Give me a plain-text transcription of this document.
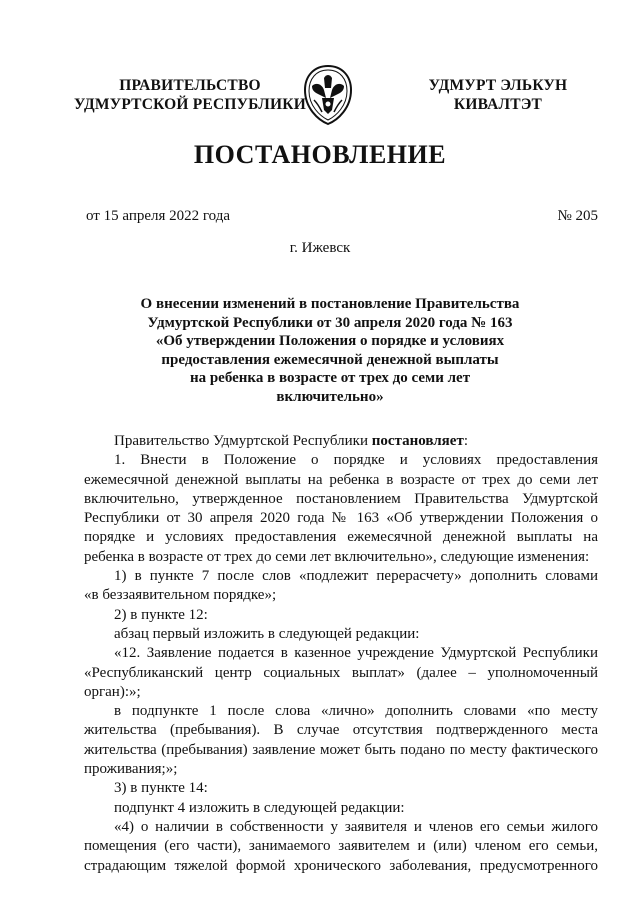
ПРАВИТЕЛЬСТВО
УДМУРТСКОЙ РЕСПУБЛИКИ
УДМУРТ ЭЛЬКУН
КИВАЛТЭТ
ПОСТАНОВЛЕНИЕ
от 15 апреля 2022 года	№ 205
г. Ижевск
О внесении изменений в постановление Правительства
Удмуртской Республики от 30 апреля 2020 года № 163
«Об утверждении Положения о порядке и условиях
предоставления ежемесячной денежной выплаты
на ребенка в возрасте от трех до семи лет
включительно»
Правительство Удмуртской Республики постановляет:
1. Внести в Положение о порядке и условиях предоставления
ежемесячной денежной выплаты на ребенка в возрасте от трех до семи лет
включительно, утвержденное постановлением Правительства Удмуртской
Республики от 30 апреля 2020 года № 163 «Об утверждении Положения о
порядке и условиях предоставления ежемесячной денежной выплаты на
ребенка в возрасте от трех до семи лет включительно», следующие изменения:
1) в пункте 7 после слов «подлежит перерасчету» дополнить словами
«в беззаявительном порядке»;
2) в пункте 12:
абзац первый изложить в следующей редакции:
«12. Заявление подается в казенное учреждение Удмуртской Республики
«Республиканский центр социальных выплат» (далее – уполномоченный
орган):»;
в подпункте 1 после слова «лично» дополнить словами «по месту
жительства (пребывания). В случае отсутствия подтвержденного места
жительства (пребывания) заявление может быть подано по месту фактического
проживания;»;
3) в пункте 14:
подпункт 4 изложить в следующей редакции:
«4) о наличии в собственности у заявителя и членов его семьи жилого
помещения (его части), занимаемого заявителем и (или) членом его семьи,
страдающим тяжелой формой хронического заболевания, предусмотренного
